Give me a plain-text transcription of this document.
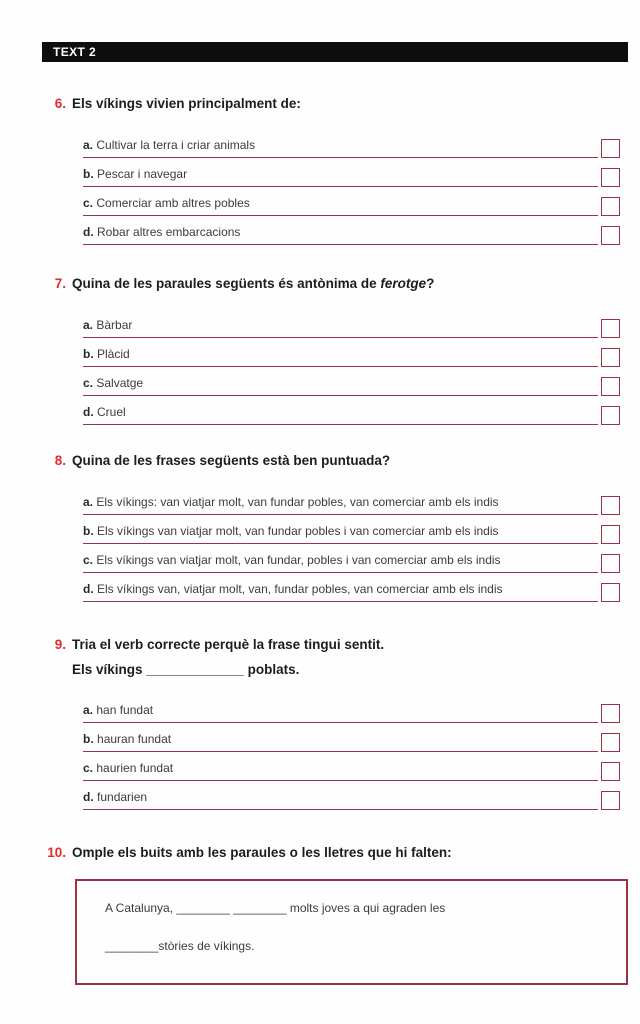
TEXT 2
6. Els víkings vivien principalment de:
a. Cultivar la terra i criar animals
b. Pescar i navegar
c. Comerciar amb altres pobles
d. Robar altres embarcacions
7. Quina de les paraules següents és antònima de ferotge?
a. Bàrbar
b. Plàcid
c. Salvatge
d. Cruel
8. Quina de les frases següents està ben puntuada?
a. Els víkings: van viatjar molt, van fundar pobles, van comerciar amb els indis
b. Els víkings van viatjar molt, van fundar pobles i van comerciar amb els indis
c. Els víkings van viatjar molt, van fundar, pobles i van comerciar amb els indis
d. Els víkings van, viatjar molt, van, fundar pobles, van comerciar amb els indis
9. Tria el verb correcte perquè la frase tingui sentit.
Els víkings _____________ poblats.
a. han fundat
b. hauran fundat
c. haurien fundat
d. fundarien
10. Omple els buits amb les paraules o les lletres que hi falten:
A Catalunya, ________ ________ molts joves a qui agraden les
________stòries de víkings.
